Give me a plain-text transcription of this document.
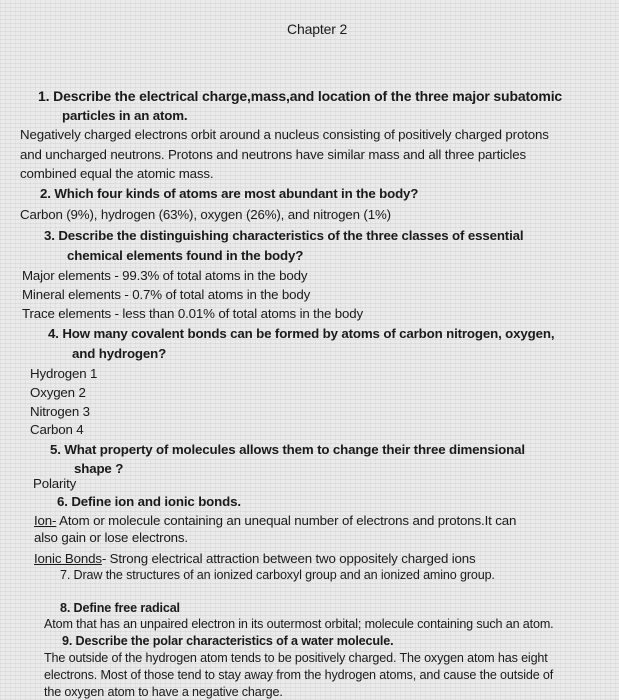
Chapter 2
1. Describe the electrical charge,mass,and location of the three major subatomic
particles in an atom.
Negatively charged electrons orbit around a nucleus consisting of positively charged protons
and uncharged neutrons. Protons and neutrons have similar mass and all three particles
combined equal the atomic mass.
2. Which four kinds of atoms are most abundant in the body?
Carbon (9%), hydrogen (63%), oxygen (26%), and nitrogen (1%)
3. Describe the distinguishing characteristics of the three classes of essential
chemical elements found in the body?
Major elements - 99.3% of total atoms in the body
Mineral elements - 0.7% of total atoms in the body
Trace elements - less than 0.01% of total atoms in the body
4. How many covalent bonds can be formed by atoms of carbon nitrogen, oxygen,
and hydrogen?
Hydrogen 1
Oxygen 2
Nitrogen 3
Carbon 4
5. What property of molecules allows them to change their three dimensional
shape ?
Polarity
6. Define ion and ionic bonds.
Ion- Atom or molecule containing an unequal number of electrons and protons.It can
also gain or lose electrons.
Ionic Bonds- Strong electrical attraction between two oppositely charged ions
7. Draw the structures of an ionized carboxyl group and an ionized amino group.
8. Define free radical
Atom that has an unpaired electron in its outermost orbital; molecule containing such an atom.
9. Describe the polar characteristics of a water molecule.
The outside of the hydrogen atom tends to be positively charged. The oxygen atom has eight
electrons. Most of those tend to stay away from the hydrogen atoms, and cause the outside of
the oxygen atom to have a negative charge.
